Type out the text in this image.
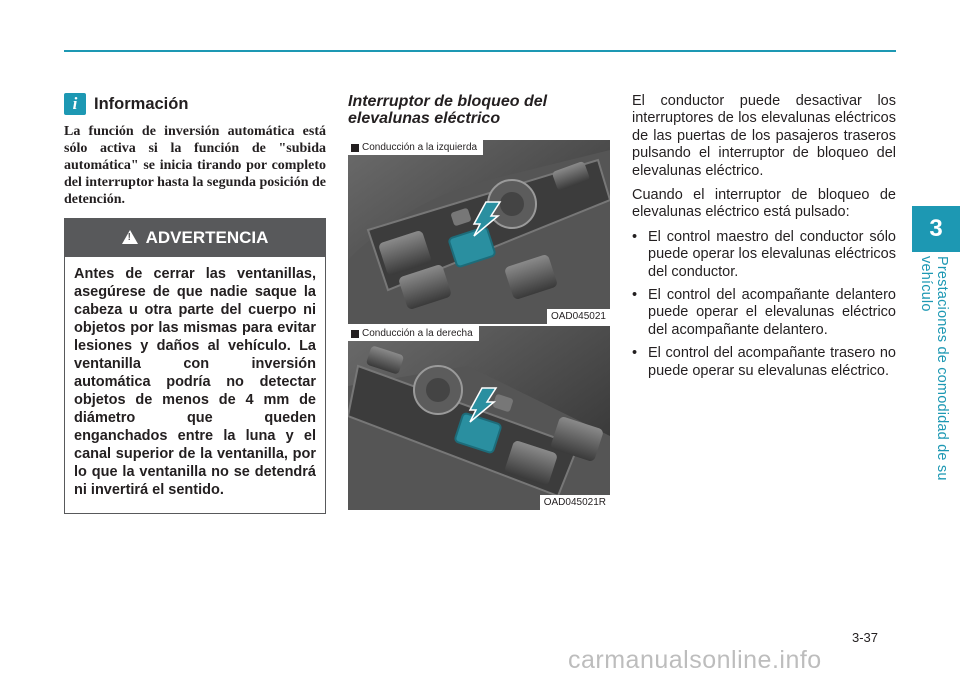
3
Prestaciones de comodidad de su vehículo
i	Información
La función de inversión automática está sólo activa si la función de "subida automática" se inicia tirando por completo del interruptor hasta la segunda posición de detención.
!
ADVERTENCIA
Antes de cerrar las ventanillas, asegúrese de que nadie saque la cabeza u otra parte del cuerpo ni objetos por las mismas para evitar lesiones y daños al vehículo. La ventanilla con inversión automática podría no detectar objetos de menos de 4 mm de diámetro que queden enganchados entre la luna y el canal superior de la ventanilla, por lo que la ventanilla no se detendrá ni invertirá el sentido.
Interruptor de bloqueo del elevalunas eléctrico
Conducción a la izquierda
OAD045021
Conducción a la derecha
OAD045021R

El conductor puede desactivar los interruptores de los elevalunas eléctricos de las puertas de los pasajeros traseros pulsando el interruptor de bloqueo del elevalunas eléctrico.

Cuando el interruptor de bloqueo de elevalunas eléctrico está pulsado:

• El control maestro del conductor sólo puede operar los elevalunas eléctricos del conductor.
• El control del acompañante delantero puede operar el elevalunas eléctrico del acompañante delantero.
• El control del acompañante trasero no puede operar su elevalunas eléctrico.
3-37
carmanualsonline.info
